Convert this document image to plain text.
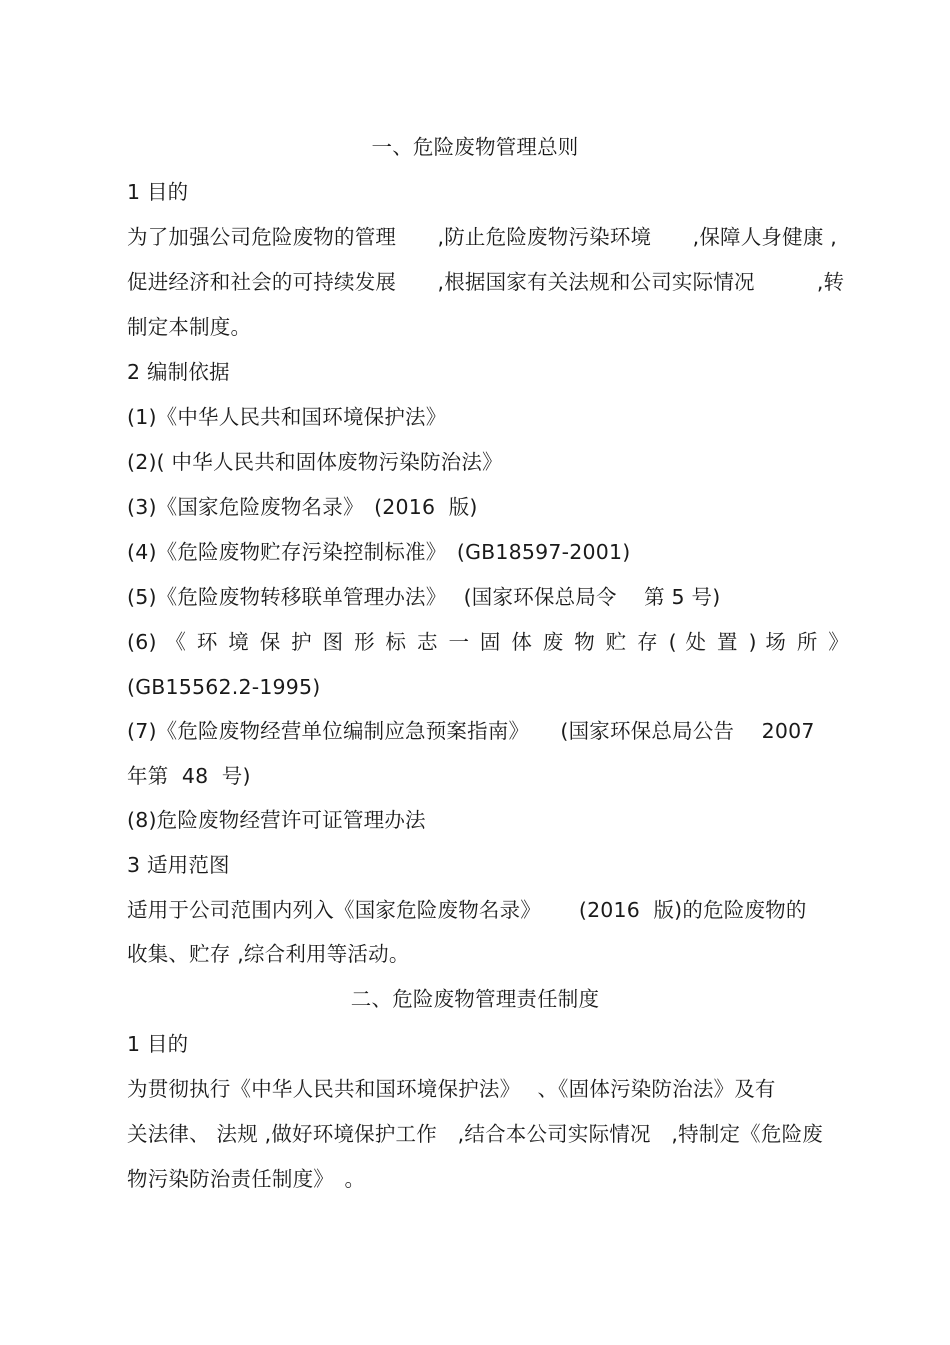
一、危险废物管理总则
1 目的
为了加强公司危险废物的管理　　,防止危险废物污染环境　　,保障人身健康 ,
促进经济和社会的可持续发展　　,根据国家有关法规和公司实际情况　　　,转
制定本制度。
2 编制依据
(1)《中华人民共和国环境保护法》
(2)( 中华人民共和固体废物污染防治法》
(3)《国家危险废物名录》　(2016  版)
(4)《危险废物贮存污染控制标准》　(GB18597-2001)
(5)《危险废物转移联单管理办法》　 (国家环保总局令　 第 5 号)
(6) 《 环 境 保 护 图 形 标 志 一 固 体 废 物 贮 存 ( 处 置 ) 场 所 》
(GB15562.2-1995)
(7)《危险废物经营单位编制应急预案指南》　　(国家环保总局公告　 2007
年第  48  号)
(8)危险废物经营许可证管理办法
3 适用范图
适用于公司范围内列入《国家危险废物名录》　　 (2016  版)的危险废物的
收集、贮存 ,综合利用等活动。
二、危险废物管理责任制度
1 目的
为贯彻执行《中华人民共和国环境保护法》　 、《固体污染防治法》及有
关法律、 法规 ,做好环境保护工作　,结合本公司实际情况　,特制定《危险废
物污染防治责任制度》　。
